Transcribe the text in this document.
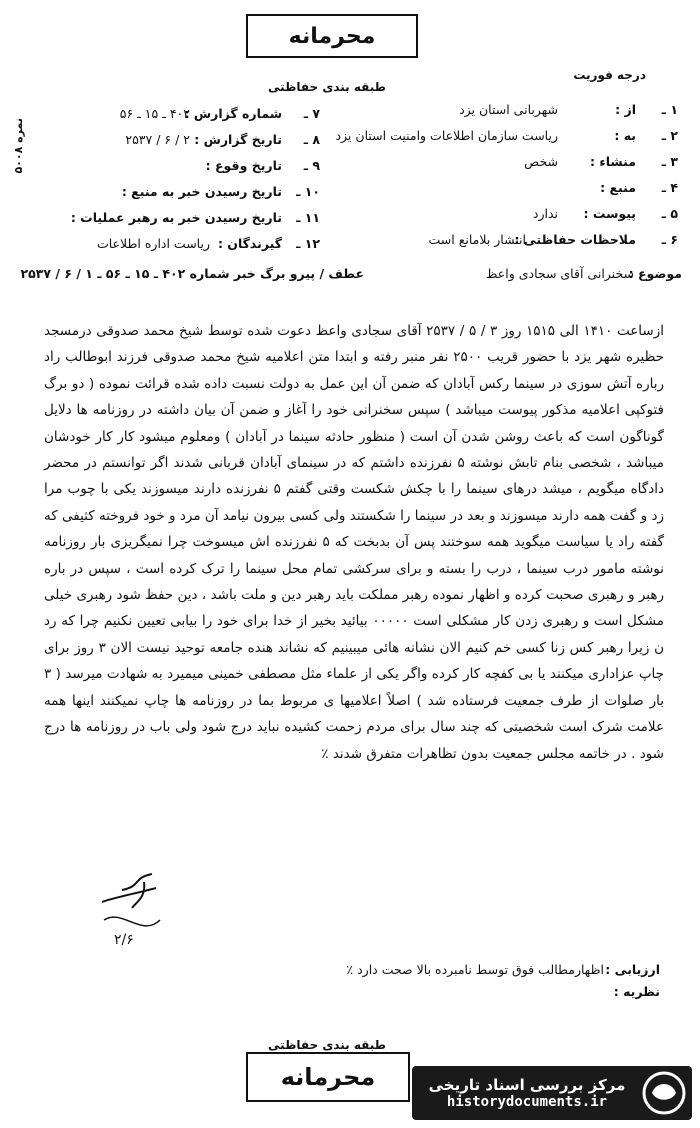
محرمانه
طبقه بندی حفاظتی
درجه فوریت
۱ ـ
از :
شهربانی استان یزد
۲ ـ
به :
ریاست سازمان اطلاعات وامنیت استان یزد
۳ ـ
منشاء :
شخص
۴ ـ
منبع :
۵ ـ
پیوست :
ندارد
۶ ـ
ملاحظات حفاظتی :
انتشار بلامانع است
۷ ـ
شماره گزارش :
۴۰۲ ـ ۱۵ ـ ۵۶
۸ ـ
تاریخ گزارش :
۲ / ۶ / ۲۵۳۷
۹ ـ
تاریخ وقوع :
۱۰ ـ
تاریخ رسیدن خبر به منبع :
۱۱ ـ
تاریخ رسیدن خبر به رهبر عملیات :
۱۲ ـ
گیرندگان :
ریاست اداره اطلاعات
نمره ۵۰۰۸
موضوع :
سخنرانی آقای سجادی واعظ
عطف / پیرو برگ خبر شماره ۴۰۲ ـ ۱۵ ـ ۵۶ ـ ۱ / ۶ / ۲۵۳۷
ازساعت ۱۴۱۰ الی ۱۵۱۵ روز ۳ / ۵ / ۲۵۳۷ آقای سجادی واعظ دعوت شده توسط شیخ محمد صدوقی درمسجد حظیره شهر یزد با حضور قریب ۲۵۰۰ نفر منبر رفته و ابتدا متن اعلامیه شیخ محمد صدوقی فرزند ابوطالب راد رباره آتش سوزی در سینما رکس آبادان که ضمن آن این عمل به دولت نسبت داده شده قرائت نموده ( دو برگ فتوکپی اعلامیه مذکور پیوست میباشد ) سپس سخنرانی خود را آغاز و ضمن آن بیان داشته در روزنامه ها دلایل گوناگون است که باعث روشن شدن آن است ( منظور حادثه سینما در آبادان ) ومعلوم میشود کار کار خودشان میباشد ، شخصی بنام تابش نوشته ۵ نفرزنده داشتم که در سینمای آبادان قربانی شدند اگر توانستم در محضر دادگاه میگویم ، میشد درهای سینما را با چکش شکست وقتی گفتم ۵ نفرزنده دارند میسوزند یکی با چوب مرا زد و گفت همه دارند میسوزند و بعد در سینما را شکستند ولی کسی بیرون نیامد آن مرد و خود فروخته کثیفی که گفته راد یا سیاست میگوید همه سوختند پس آن بدبخت که ۵ نفرزنده اش میسوخت چرا نمیگریزی بار روزنامه نوشته مامور درب سینما ، درب را بسته و برای سرکشی تمام محل سینما را ترک کرده است ، سپس در باره رهبر و رهبری صحبت کرده و اظهار نموده رهبر مملکت باید رهبر دین و ملت باشد ، دین حفظ شود رهبری خیلی مشکل است و رهبری زدن کار مشکلی است ۰۰۰۰۰ بیائید بخیر از خدا برای خود را بیابی تعیین نکنیم چرا که رد ن زیرا رهبر کس زنا کسی خم کنیم الان نشانه هائی میبینیم که نشاند هنده جامعه توحید نیست الان ۳ روز برای چاپ عزاداری میکنند یا بی کفچه کار کرده واگر یکی از علماء مثل مصطفی خمینی میمیرد به شهادت میرسد ( ۳ بار صلوات از طرف جمعیت فرستاده شد ) اصلاً اعلامیها ی مربوط بما در روزنامه ها چاپ نمیکنند اینها همه علامت شرک است شخصیتی که چند سال برای مردم زحمت کشیده نباید درج شود ولی باب در روزنامه ها درج شود . در خاتمه مجلس جمعیت بدون تظاهرات متفرق شدند ٪
۲/۶
ارزیابی :
اظهارمطالب فوق توسط نامبرده بالا صحت دارد ٪
نظریه :
طبقه بندی حفاظتی
محرمانه	مرکز بررسی اسناد تاریخی
historydocuments.ir
